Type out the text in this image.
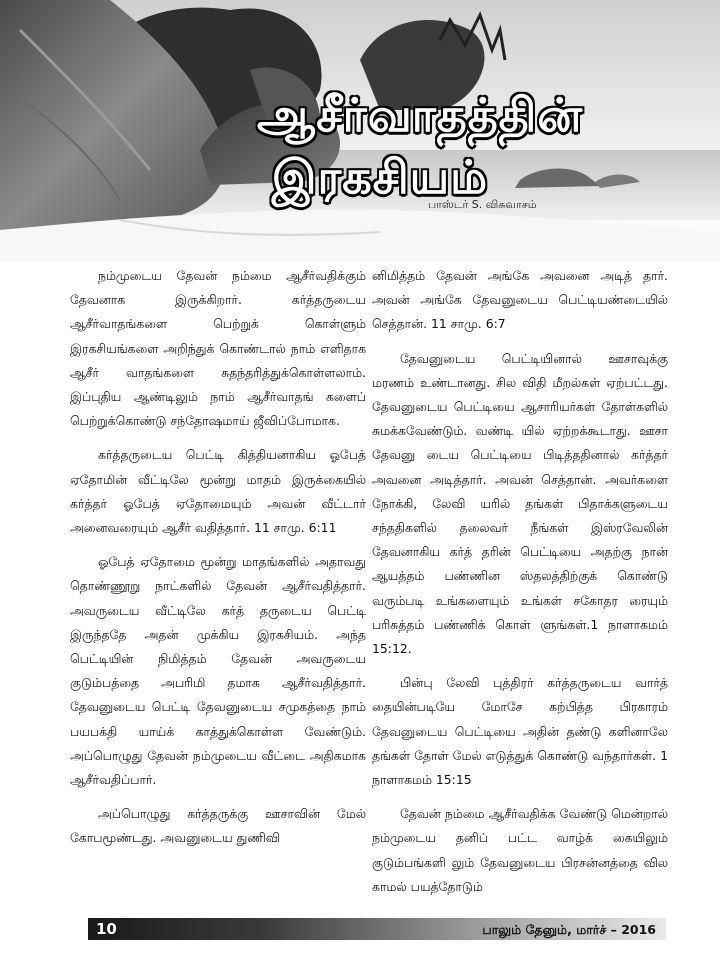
ஆசீர்வாதத்தின்
இரகசியம்
பாஸ்டர் S. விசுவாசம்

நம்முடைய தேவன் நம்மை ஆசீர்வதிக்கும் தேவனாக இருக்கிறார். கர்த்தருடைய ஆசீர்வாதங்களை பெற்றுக் கொள்ளும் இரகசியங்களை அறிந்துக் கொண்டால் நாம் எளிதாக ஆசீர் வாதங்களை சுதந்தரித்துக்கொள்ளலாம். இப்புதிய ஆண்டிலும் நாம் ஆசீர்வாதங் களைப் பெற்றுக்கொண்டு சந்தோஷமாய் ஜீவிப்போமாக.

கர்த்தருடைய பெட்டி கித்தியனாகிய ஓபேத் ஏதோமின் வீட்டிலே மூன்று மாதம் இருக்கையில் கர்த்தர் ஓபேத் ஏதோமையும் அவன் வீட்டார் அனைவரையும் ஆசீர் வதித்தார். 11 சாமு. 6:11

ஓபேத் ஏதோமை மூன்று மாதங்களில் அதாவது தொண்ணூறு நாட்களில் தேவன் ஆசீர்வதித்தார். அவருடைய வீட்டிலே கர்த் தருடைய பெட்டி இருந்ததே அதன் முக்கிய இரகசியம். அந்த பெட்டியின் நிமித்தம் தேவன் அவருடைய குடும்பத்தை அபரிமி தமாக ஆசீர்வதித்தார். தேவனுடைய பெட்டி தேவனுடைய சமுகத்தை நாம் பயபக்தி யாய்க் காத்துக்கொள்ள வேண்டும். அப்பொழுது தேவன் நம்முடைய வீட்டை அதிகமாக ஆசீர்வதிப்பார்.

அப்பொழுது கர்த்தருக்கு ஊசாவின் மேல் கோபமூண்டது. அவனுடைய துணிவி

னிமித்தம் தேவன் அங்கே அவனை அடித் தார். அவன் அங்கே தேவனுடைய பெட்டியண்டையில் செத்தான். 11 சாமு. 6:7

தேவனுடைய பெட்டியினால் ஊசாவுக்கு மரணம் உண்டானது. சில விதி மீறல்கள் ஏற்பட்டது. தேவனுடைய பெட்டியை ஆசாரியர்கள் தோள்களில் சுமக்கவேண்டும். வண்டி யில் ஏற்றக்கூடாது. ஊசா தேவனு டைய பெட்டியை பிடித்ததினால் கர்த்தர் அவனை அடித்தார். அவன் செத்தான். அவர்களை நோக்கி, லேவி யரில் தங்கள் பிதாக்களுடைய சந்ததிகளில் தலைவர் நீங்கள் இஸ்ரவேலின் தேவனாகிய கர்த் தரின் பெட்டியை அதற்கு நான் ஆயத்தம் பண்ணின ஸ்தலத்திற்குக் கொண்டு வரும்படி உங்களையும் உங்கள் சகோதர ரையும் பரிசுத்தம் பண்ணிக் கொள் ளுங்கள்.1 நாளாகமம் 15:12.

பின்பு லேவி புத்திரர் கர்த்தருடைய வார்த் தையின்படியே மோசே கற்பித்த பிரகாரம் தேவனுடைய பெட்டியை அதின் தண்டு களினாலே தங்கள் தோள் மேல் எடுத்துக் கொண்டு வந்தார்கள். 1 நாளாகமம் 15:15

தேவன் நம்மை ஆசீர்வதிக்க வேண்டு மென்றால் நம்முடைய தனிப் பட்ட வாழ்க் கையிலும் குடும்பங்களி லும் தேவனுடைய பிரசன்னத்தை வில காமல் பயத்தோடும்

10	பாலும் தேனும், மார்ச் – 2016
